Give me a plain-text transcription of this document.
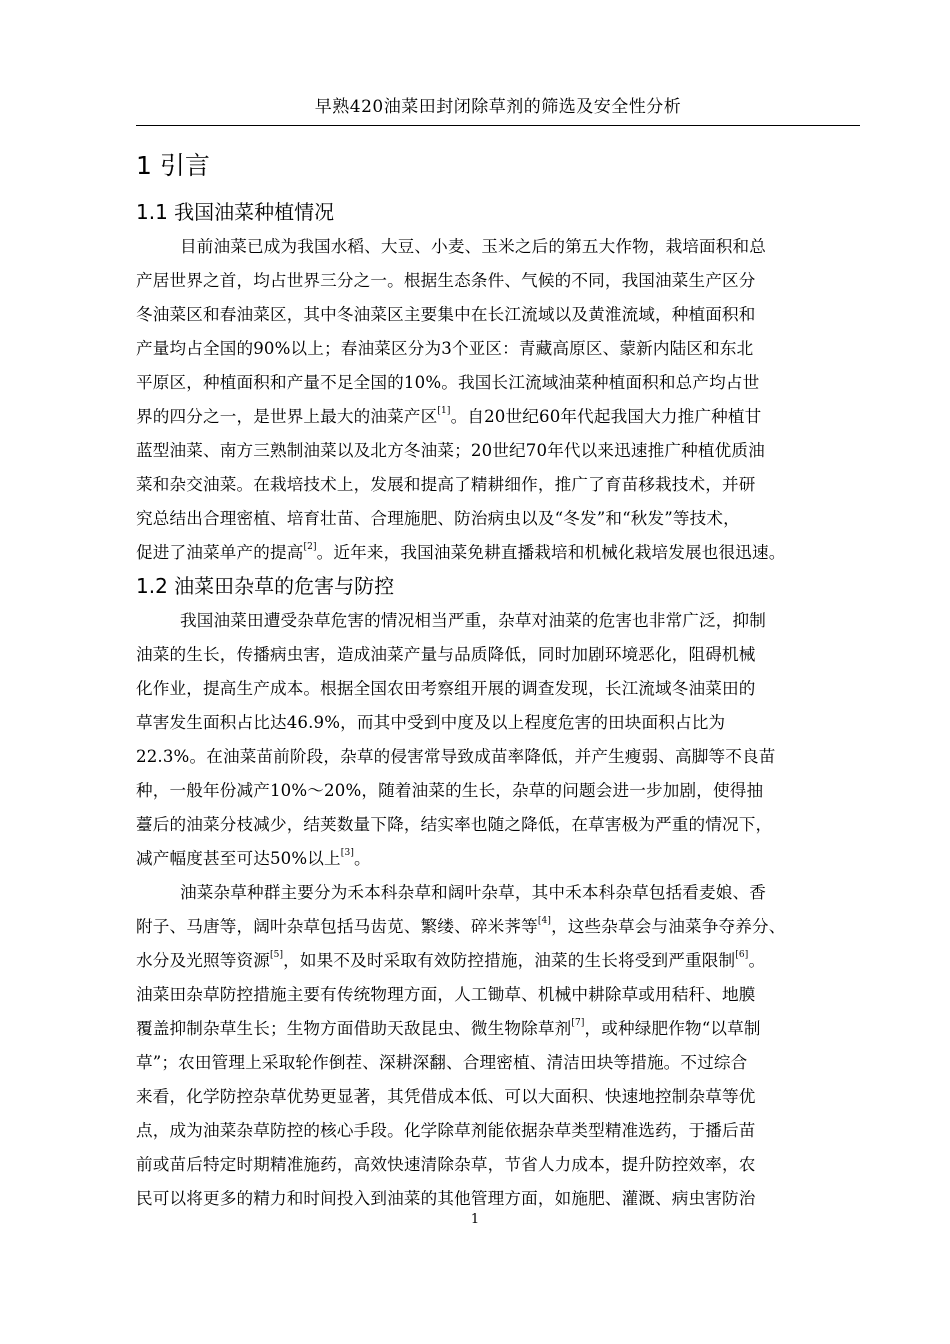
早熟420油菜田封闭除草剂的筛选及安全性分析
1 引言
1.1 我国油菜种植情况
目前油菜已成为我国水稻、大豆、小麦、玉米之后的第五大作物，栽培面积和总
产居世界之首，均占世界三分之一。根据生态条件、气候的不同，我国油菜生产区分
冬油菜区和春油菜区，其中冬油菜区主要集中在长江流域以及黄淮流域，种植面积和
产量均占全国的90%以上；春油菜区分为3个亚区：青藏高原区、蒙新内陆区和东北
平原区，种植面积和产量不足全国的10%。我国长江流域油菜种植面积和总产均占世
界的四分之一，是世界上最大的油菜产区[1]。自20世纪60年代起我国大力推广种植甘
蓝型油菜、南方三熟制油菜以及北方冬油菜；20世纪70年代以来迅速推广种植优质油
菜和杂交油菜。在栽培技术上，发展和提高了精耕细作，推广了育苗移栽技术，并研
究总结出合理密植、培育壮苗、合理施肥、防治病虫以及“冬发”和“秋发”等技术，
促进了油菜单产的提高[2]。近年来，我国油菜免耕直播栽培和机械化栽培发展也很迅速。
1.2 油菜田杂草的危害与防控
我国油菜田遭受杂草危害的情况相当严重，杂草对油菜的危害也非常广泛，抑制
油菜的生长，传播病虫害，造成油菜产量与品质降低，同时加剧环境恶化，阻碍机械
化作业，提高生产成本。根据全国农田考察组开展的调查发现，长江流域冬油菜田的
草害发生面积占比达46.9%，而其中受到中度及以上程度危害的田块面积占比为
22.3%。在油菜苗前阶段，杂草的侵害常导致成苗率降低，并产生瘦弱、高脚等不良苗
种，一般年份减产10%～20%，随着油菜的生长，杂草的问题会进一步加剧，使得抽
薹后的油菜分枝减少，结荚数量下降，结实率也随之降低，在草害极为严重的情况下，
减产幅度甚至可达50%以上[3]。
油菜杂草种群主要分为禾本科杂草和阔叶杂草，其中禾本科杂草包括看麦娘、香
附子、马唐等，阔叶杂草包括马齿苋、繁缕、碎米荠等[4]，这些杂草会与油菜争夺养分、
水分及光照等资源[5]，如果不及时采取有效防控措施，油菜的生长将受到严重限制[6]。
油菜田杂草防控措施主要有传统物理方面，人工锄草、机械中耕除草或用秸秆、地膜
覆盖抑制杂草生长；生物方面借助天敌昆虫、微生物除草剂[7]，或种绿肥作物“以草制
草”；农田管理上采取轮作倒茬、深耕深翻、合理密植、清洁田块等措施。不过综合
来看，化学防控杂草优势更显著，其凭借成本低、可以大面积、快速地控制杂草等优
点，成为油菜杂草防控的核心手段。化学除草剂能依据杂草类型精准选药，于播后苗
前或苗后特定时期精准施药，高效快速清除杂草，节省人力成本，提升防控效率，农
民可以将更多的精力和时间投入到油菜的其他管理方面，如施肥、灌溉、病虫害防治
1
